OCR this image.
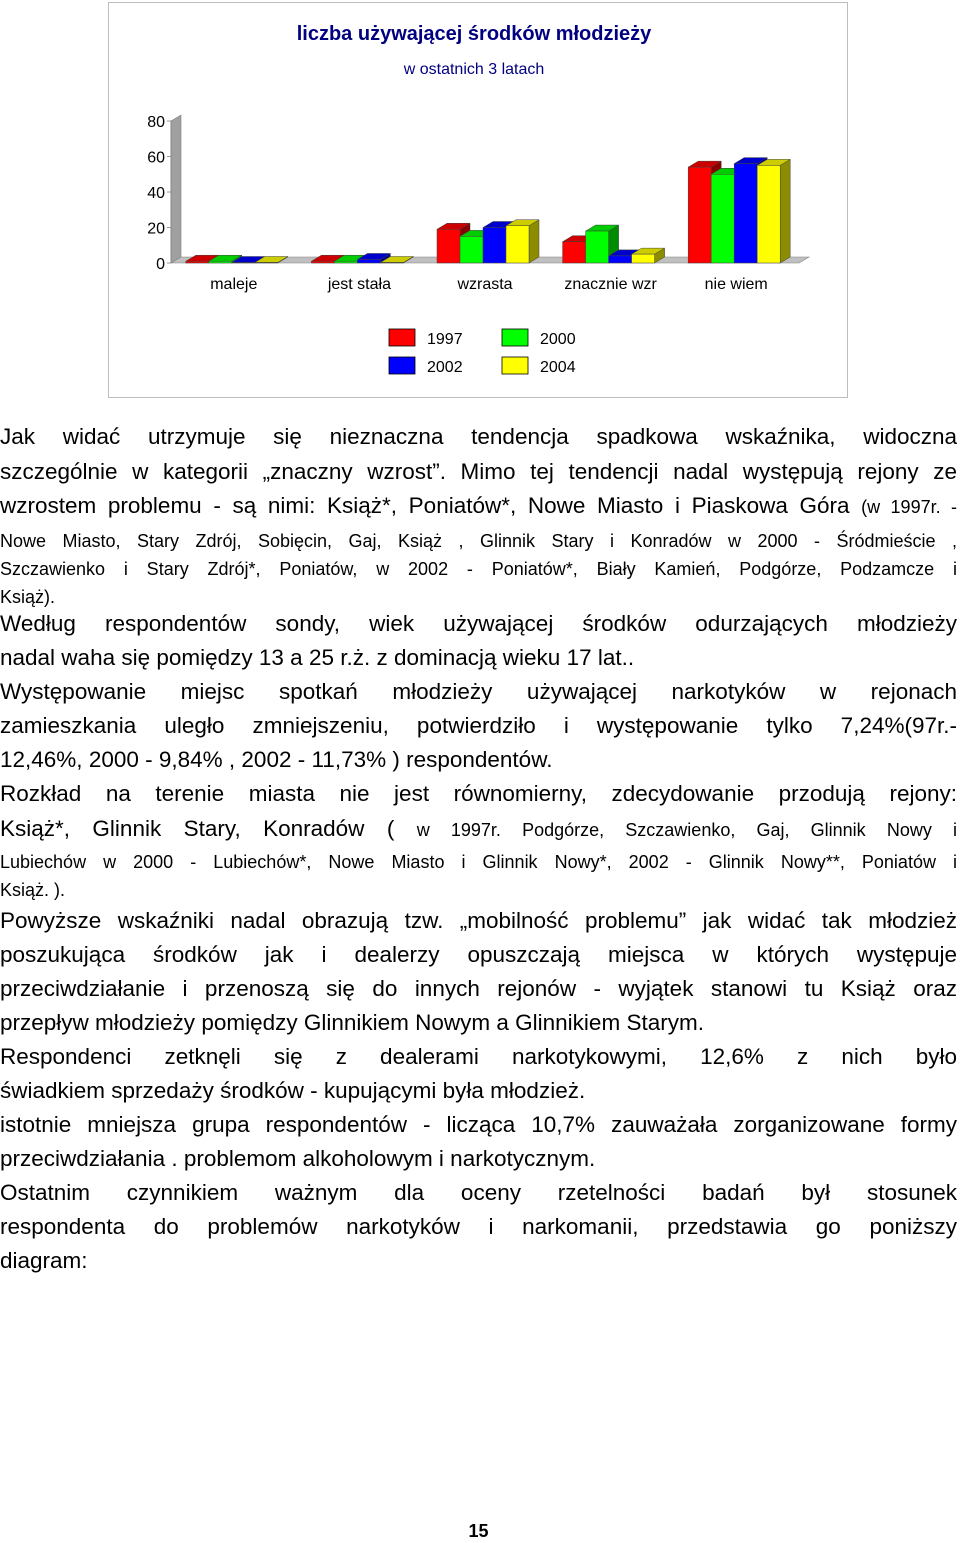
liczba używającej środków młodzieży
w ostatnich 3 latach
0
20
40
60
80
maleje	jest stała	wzrasta	znacznie wzr	nie wiem
1997	2000
2002	2004
Jak widać utrzymuje się nieznaczna tendencja spadkowa wskaźnika, widoczna
szczególnie w kategorii „znaczny wzrost”. Mimo tej tendencji nadal występują rejony ze
wzrostem problemu - są nimi: Książ*, Poniatów*, Nowe Miasto i Piaskowa Góra (w 1997r. -
Nowe Miasto, Stary Zdrój, Sobięcin, Gaj, Książ , Glinnik Stary i Konradów w 2000 - Śródmieście ,
Szczawienko i Stary Zdrój*, Poniatów, w 2002 - Poniatów*, Biały Kamień, Podgórze, Podzamcze i
Książ).
Według respondentów sondy, wiek używającej środków odurzających młodzieży
nadal waha się pomiędzy 13 a 25 r.ż. z dominacją wieku 17 lat..
Występowanie miejsc spotkań młodzieży używającej narkotyków w rejonach
zamieszkania uległo zmniejszeniu, potwierdziło i występowanie tylko 7,24%(97r.-
12,46%, 2000 - 9,84% , 2002 - 11,73% ) respondentów.
Rozkład na terenie miasta nie jest równomierny, zdecydowanie przodują rejony:
Książ*, Glinnik Stary, Konradów ( w 1997r. Podgórze, Szczawienko, Gaj, Glinnik Nowy i
Lubiechów w 2000 - Lubiechów*, Nowe Miasto i Glinnik Nowy*, 2002 - Glinnik Nowy**, Poniatów i
Książ. ).
Powyższe wskaźniki nadal obrazują tzw. „mobilność problemu” jak widać tak młodzież
poszukująca środków jak i dealerzy opuszczają miejsca w których występuje
przeciwdziałanie i przenoszą się do innych rejonów - wyjątek stanowi tu Książ oraz
przepływ młodzieży pomiędzy Glinnikiem Nowym a Glinnikiem Starym.
Respondenci zetknęli się z dealerami narkotykowymi, 12,6% z nich było
świadkiem sprzedaży środków - kupującymi była młodzież.
istotnie mniejsza grupa respondentów - licząca 10,7% zauważała zorganizowane formy
przeciwdziałania . problemom alkoholowym i narkotycznym.
Ostatnim czynnikiem ważnym dla oceny rzetelności badań był stosunek
respondenta do problemów narkotyków i narkomanii, przedstawia go poniższy
diagram:
15
